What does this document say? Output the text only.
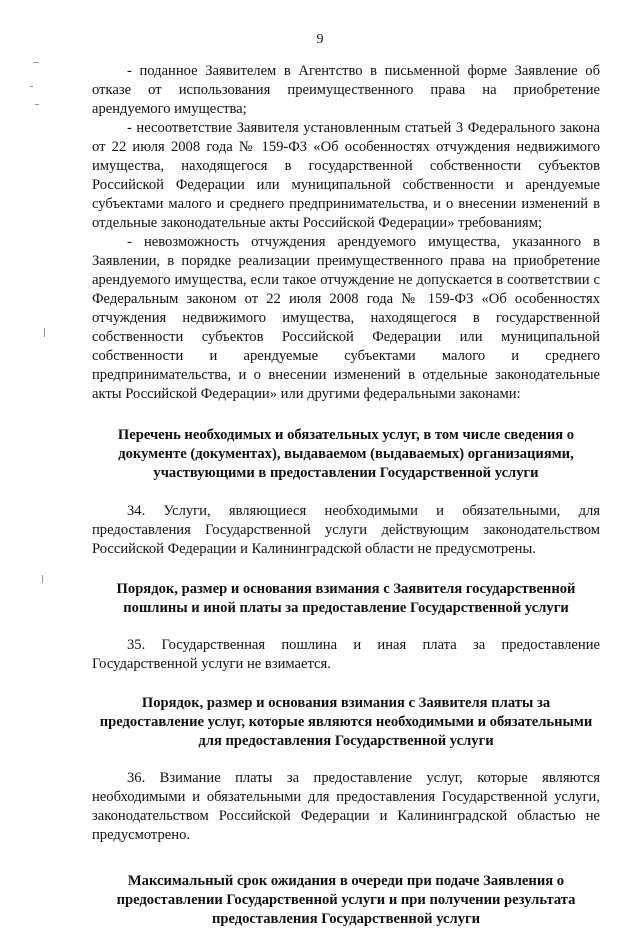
9

- поданное Заявителем в Агентство в письменной форме Заявление об отказе от использования преимущественного права на приобретение арендуемого имущества;

- несоответствие Заявителя установленным статьей 3 Федерального закона от 22 июля 2008 года № 159-ФЗ «Об особенностях отчуждения недвижимого имущества, находящегося в государственной собственности субъектов Российской Федерации или муниципальной собственности и арендуемые субъектами малого и среднего предпринимательства, и о внесении изменений в отдельные законодательные акты Российской Федерации» требованиям;

- невозможность отчуждения арендуемого имущества, указанного в Заявлении, в порядке реализации преимущественного права на приобретение арендуемого имущества, если такое отчуждение не допускается в соответствии с Федеральным законом от 22 июля 2008 года № 159-ФЗ «Об особенностях отчуждения недвижимого имущества, находящегося в государственной собственности субъектов Российской Федерации или муниципальной собственности и арендуемые субъектами малого и среднего предпринимательства, и о внесении изменений в отдельные законодательные акты Российской Федерации» или другими федеральными законами:

Перечень необходимых и обязательных услуг, в том числе сведения о документе (документах), выдаваемом (выдаваемых) организациями, участвующими в предоставлении Государственной услуги

34. Услуги, являющиеся необходимыми и обязательными, для предоставления Государственной услуги действующим законодательством Российской Федерации и Калининградской области не предусмотрены.

Порядок, размер и основания взимания с Заявителя государственной пошлины и иной платы за предоставление Государственной услуги

35. Государственная пошлина и иная плата за предоставление Государственной услуги не взимается.

Порядок, размер и основания взимания с Заявителя платы за предоставление услуг, которые являются необходимыми и обязательными для предоставления Государственной услуги

36. Взимание платы за предоставление услуг, которые являются необходимыми и обязательными для предоставления Государственной услуги, законодательством Российской Федерации и Калининградской областью не предусмотрено.

Максимальный срок ожидания в очереди при подаче Заявления о предоставлении Государственной услуги и при получении результата предоставления Государственной услуги
